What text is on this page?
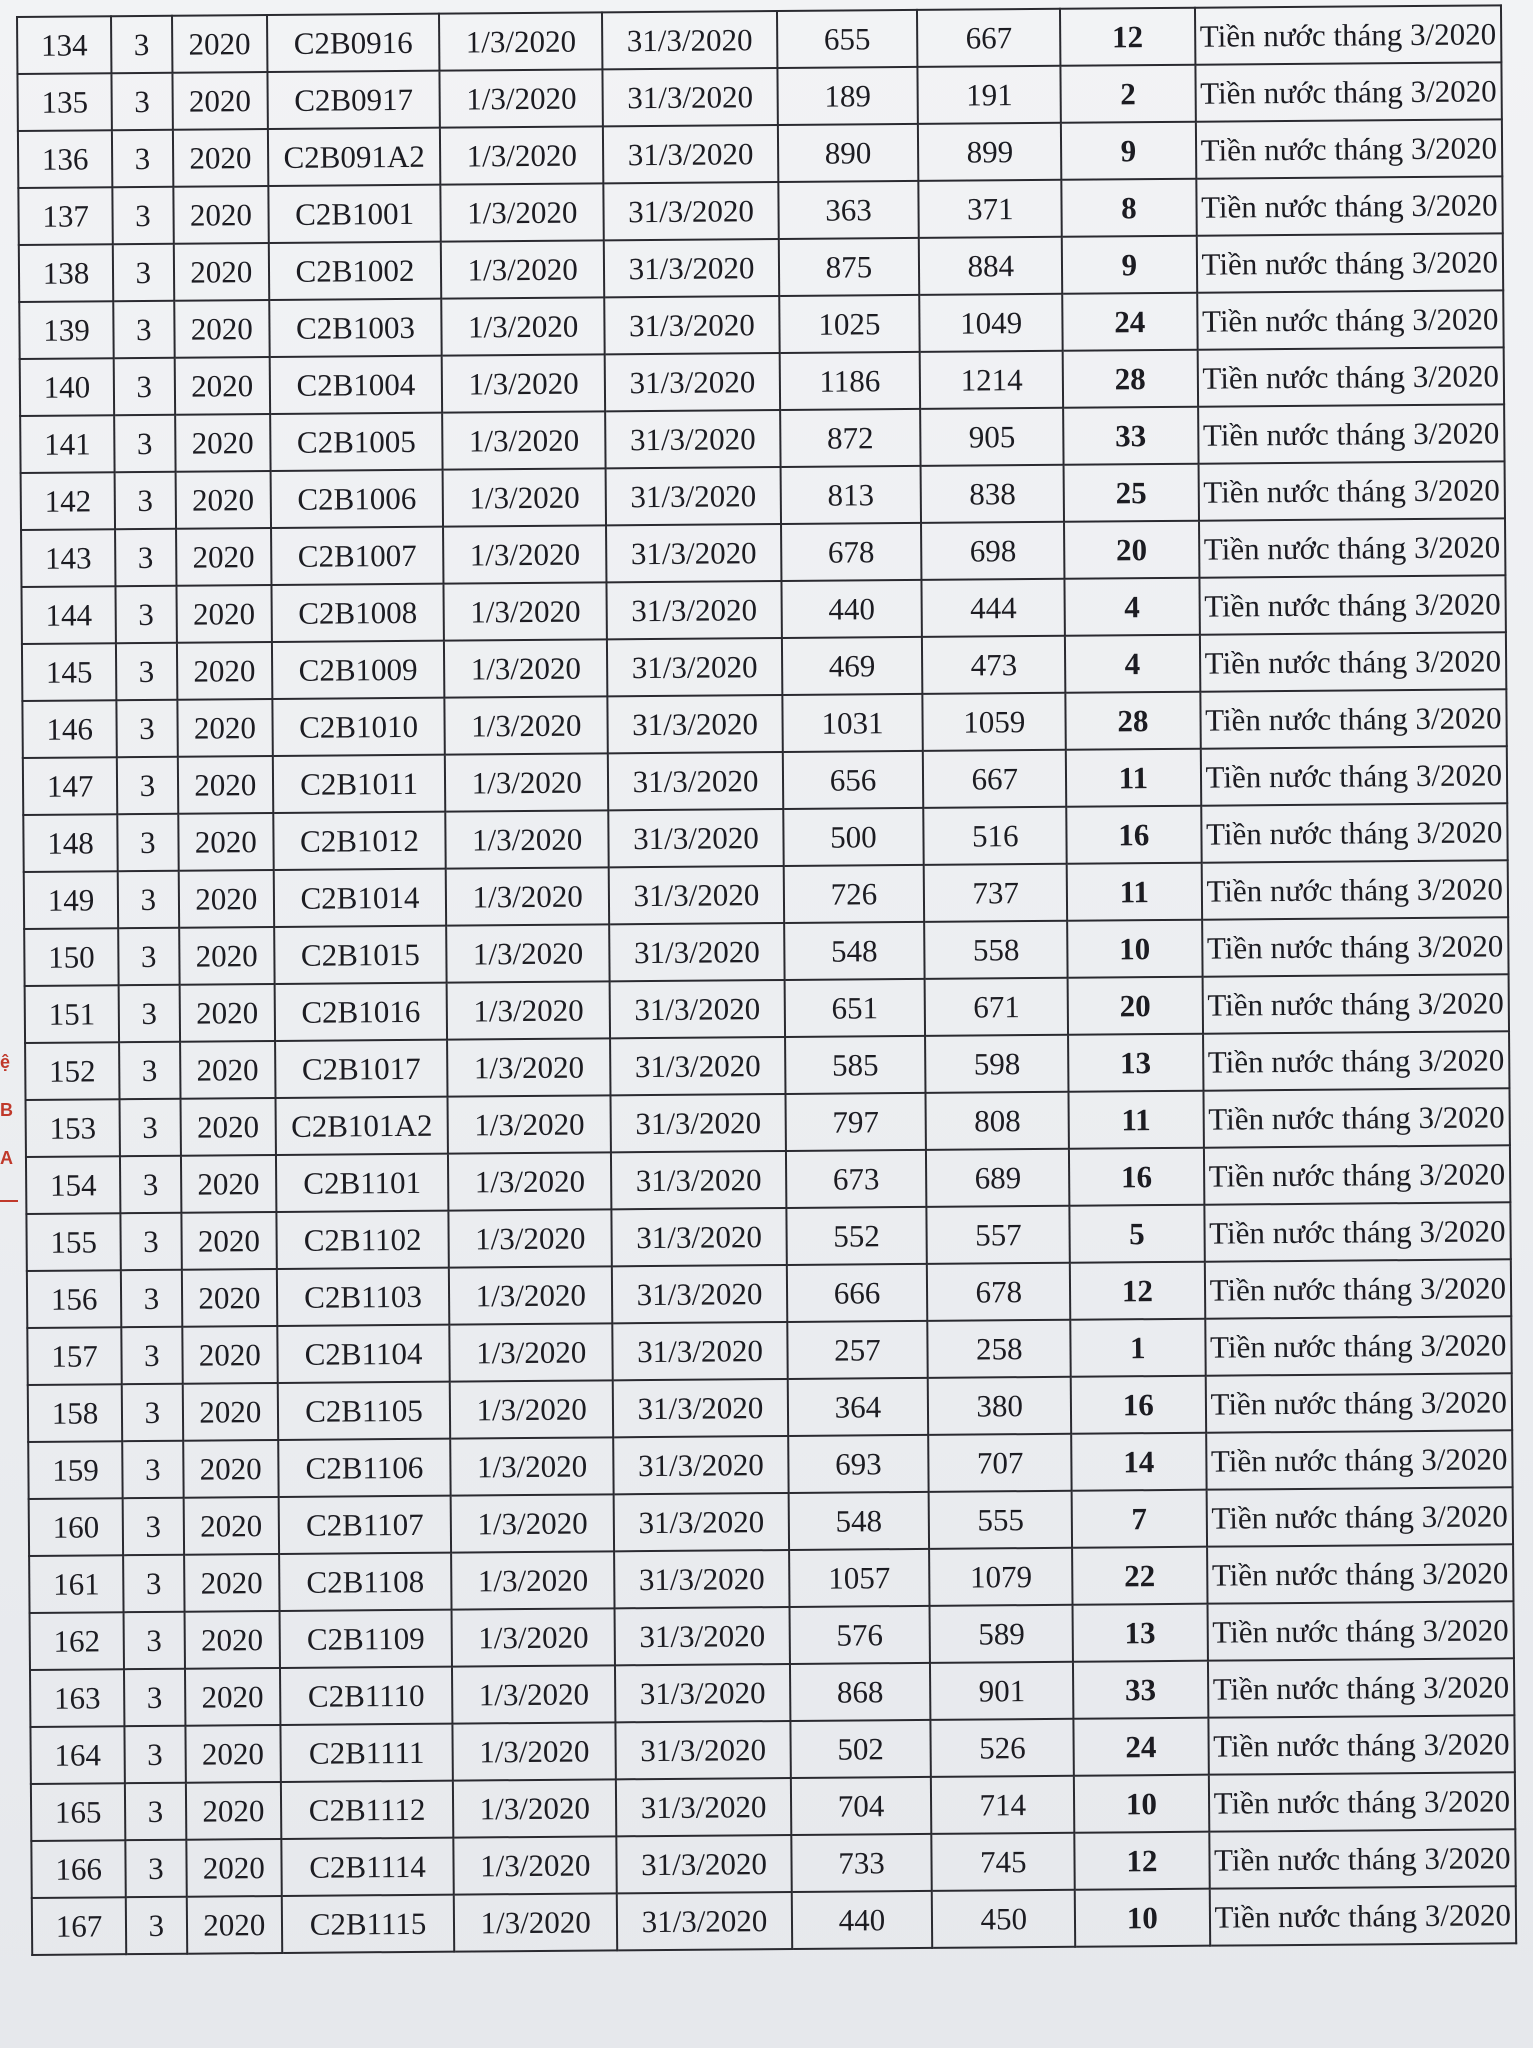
ệ
B
A
134	3	2020	C2B0916	1/3/2020	31/3/2020	655	667	12	Tiền nước tháng 3/2020
135	3	2020	C2B0917	1/3/2020	31/3/2020	189	191	2	Tiền nước tháng 3/2020
136	3	2020	C2B091A2	1/3/2020	31/3/2020	890	899	9	Tiền nước tháng 3/2020
137	3	2020	C2B1001	1/3/2020	31/3/2020	363	371	8	Tiền nước tháng 3/2020
138	3	2020	C2B1002	1/3/2020	31/3/2020	875	884	9	Tiền nước tháng 3/2020
139	3	2020	C2B1003	1/3/2020	31/3/2020	1025	1049	24	Tiền nước tháng 3/2020
140	3	2020	C2B1004	1/3/2020	31/3/2020	1186	1214	28	Tiền nước tháng 3/2020
141	3	2020	C2B1005	1/3/2020	31/3/2020	872	905	33	Tiền nước tháng 3/2020
142	3	2020	C2B1006	1/3/2020	31/3/2020	813	838	25	Tiền nước tháng 3/2020
143	3	2020	C2B1007	1/3/2020	31/3/2020	678	698	20	Tiền nước tháng 3/2020
144	3	2020	C2B1008	1/3/2020	31/3/2020	440	444	4	Tiền nước tháng 3/2020
145	3	2020	C2B1009	1/3/2020	31/3/2020	469	473	4	Tiền nước tháng 3/2020
146	3	2020	C2B1010	1/3/2020	31/3/2020	1031	1059	28	Tiền nước tháng 3/2020
147	3	2020	C2B1011	1/3/2020	31/3/2020	656	667	11	Tiền nước tháng 3/2020
148	3	2020	C2B1012	1/3/2020	31/3/2020	500	516	16	Tiền nước tháng 3/2020
149	3	2020	C2B1014	1/3/2020	31/3/2020	726	737	11	Tiền nước tháng 3/2020
150	3	2020	C2B1015	1/3/2020	31/3/2020	548	558	10	Tiền nước tháng 3/2020
151	3	2020	C2B1016	1/3/2020	31/3/2020	651	671	20	Tiền nước tháng 3/2020
152	3	2020	C2B1017	1/3/2020	31/3/2020	585	598	13	Tiền nước tháng 3/2020
153	3	2020	C2B101A2	1/3/2020	31/3/2020	797	808	11	Tiền nước tháng 3/2020
154	3	2020	C2B1101	1/3/2020	31/3/2020	673	689	16	Tiền nước tháng 3/2020
155	3	2020	C2B1102	1/3/2020	31/3/2020	552	557	5	Tiền nước tháng 3/2020
156	3	2020	C2B1103	1/3/2020	31/3/2020	666	678	12	Tiền nước tháng 3/2020
157	3	2020	C2B1104	1/3/2020	31/3/2020	257	258	1	Tiền nước tháng 3/2020
158	3	2020	C2B1105	1/3/2020	31/3/2020	364	380	16	Tiền nước tháng 3/2020
159	3	2020	C2B1106	1/3/2020	31/3/2020	693	707	14	Tiền nước tháng 3/2020
160	3	2020	C2B1107	1/3/2020	31/3/2020	548	555	7	Tiền nước tháng 3/2020
161	3	2020	C2B1108	1/3/2020	31/3/2020	1057	1079	22	Tiền nước tháng 3/2020
162	3	2020	C2B1109	1/3/2020	31/3/2020	576	589	13	Tiền nước tháng 3/2020
163	3	2020	C2B1110	1/3/2020	31/3/2020	868	901	33	Tiền nước tháng 3/2020
164	3	2020	C2B1111	1/3/2020	31/3/2020	502	526	24	Tiền nước tháng 3/2020
165	3	2020	C2B1112	1/3/2020	31/3/2020	704	714	10	Tiền nước tháng 3/2020
166	3	2020	C2B1114	1/3/2020	31/3/2020	733	745	12	Tiền nước tháng 3/2020
167	3	2020	C2B1115	1/3/2020	31/3/2020	440	450	10	Tiền nước tháng 3/2020
